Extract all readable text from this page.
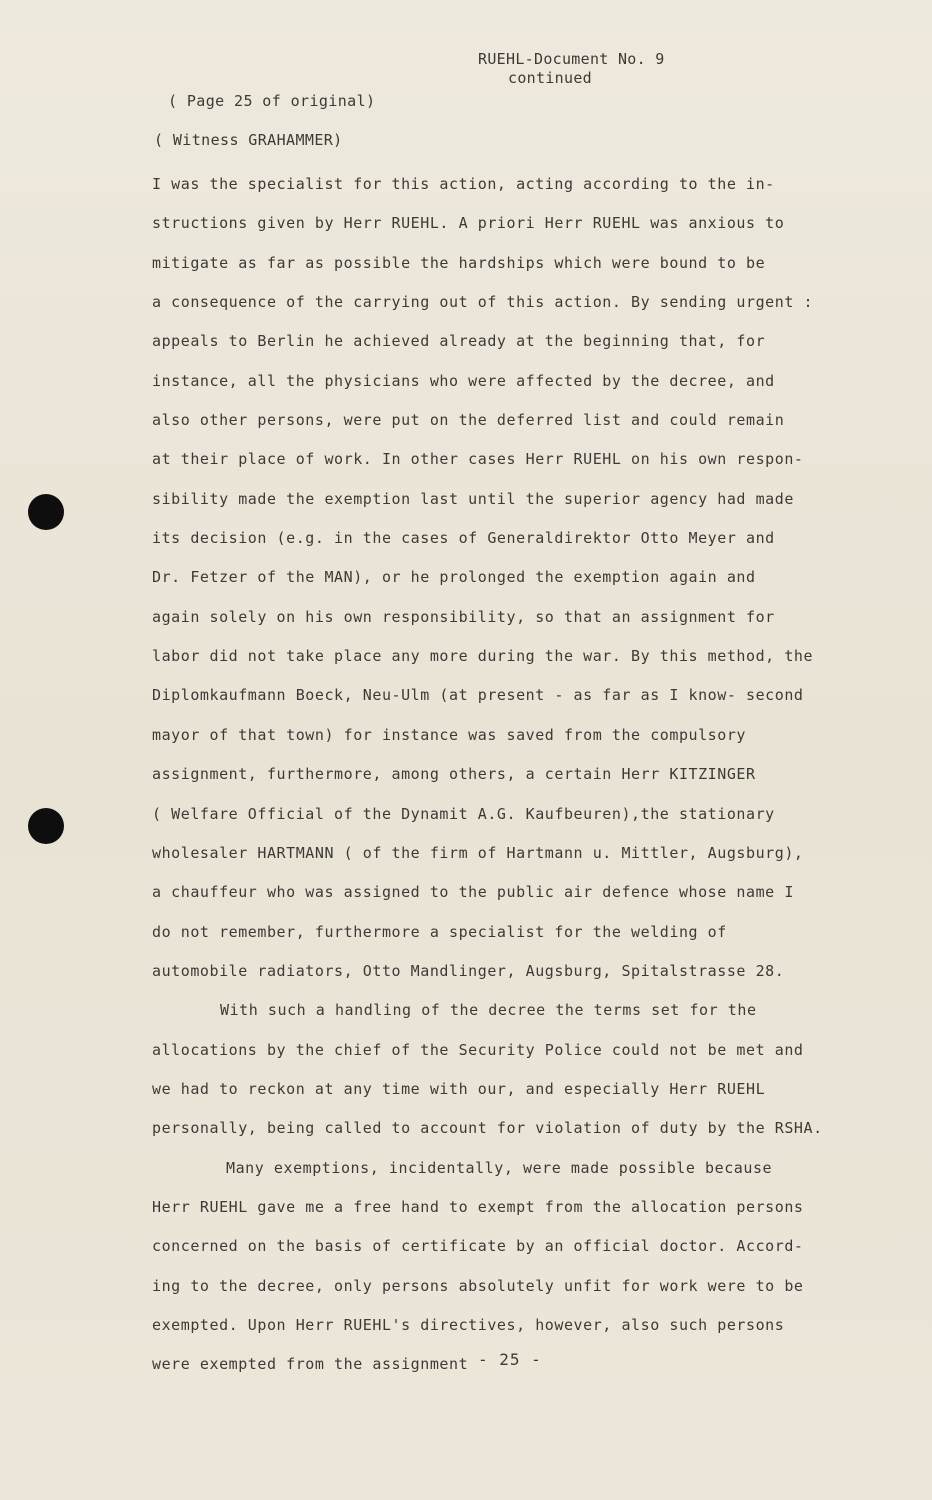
RUEHL-Document No. 9
continued
( Page 25 of original)
( Witness GRAHAMMER)
I was the specialist for this action, acting according to the in-
structions given by Herr RUEHL. A priori Herr RUEHL was anxious to
mitigate as far as possible the hardships which were bound to be
a consequence of the carrying out of this action. By sending urgent :
appeals to Berlin he achieved already at the beginning that, for
instance, all the physicians who were affected by the decree, and
also other persons, were put on the deferred list and could remain
at their place of work. In other cases Herr RUEHL on his own respon-
sibility made the exemption last until the superior agency had made
its decision (e.g. in the cases of Generaldirektor Otto Meyer and
Dr. Fetzer of the MAN), or he prolonged the exemption again and
again solely on his own responsibility, so that an assignment for
labor did not take place any more during the war. By this method, the
Diplomkaufmann Boeck, Neu-Ulm (at present - as far as I know- second
mayor of that town) for instance was saved from the compulsory
assignment, furthermore, among others, a certain Herr KITZINGER
( Welfare Official of the Dynamit A.G. Kaufbeuren),the stationary
wholesaler HARTMANN ( of the firm of Hartmann u. Mittler, Augsburg),
a chauffeur who was assigned to the public air defence whose name I
do not remember, furthermore a specialist for the welding of
automobile radiators, Otto Mandlinger, Augsburg, Spitalstrasse 28.
With such a handling of the decree the terms set for the
allocations by the chief of the Security Police could not be met and
we had to reckon at any time with our, and especially Herr RUEHL
personally, being called to account for violation of duty by the RSHA.
Many exemptions, incidentally, were made possible because
Herr RUEHL gave me a free hand to exempt from the allocation persons
concerned on the basis of certificate by an official doctor. Accord-
ing to the decree, only persons absolutely unfit for work were to be
exempted. Upon Herr RUEHL's directives, however, also such persons
were exempted from the assignment - 25 -
